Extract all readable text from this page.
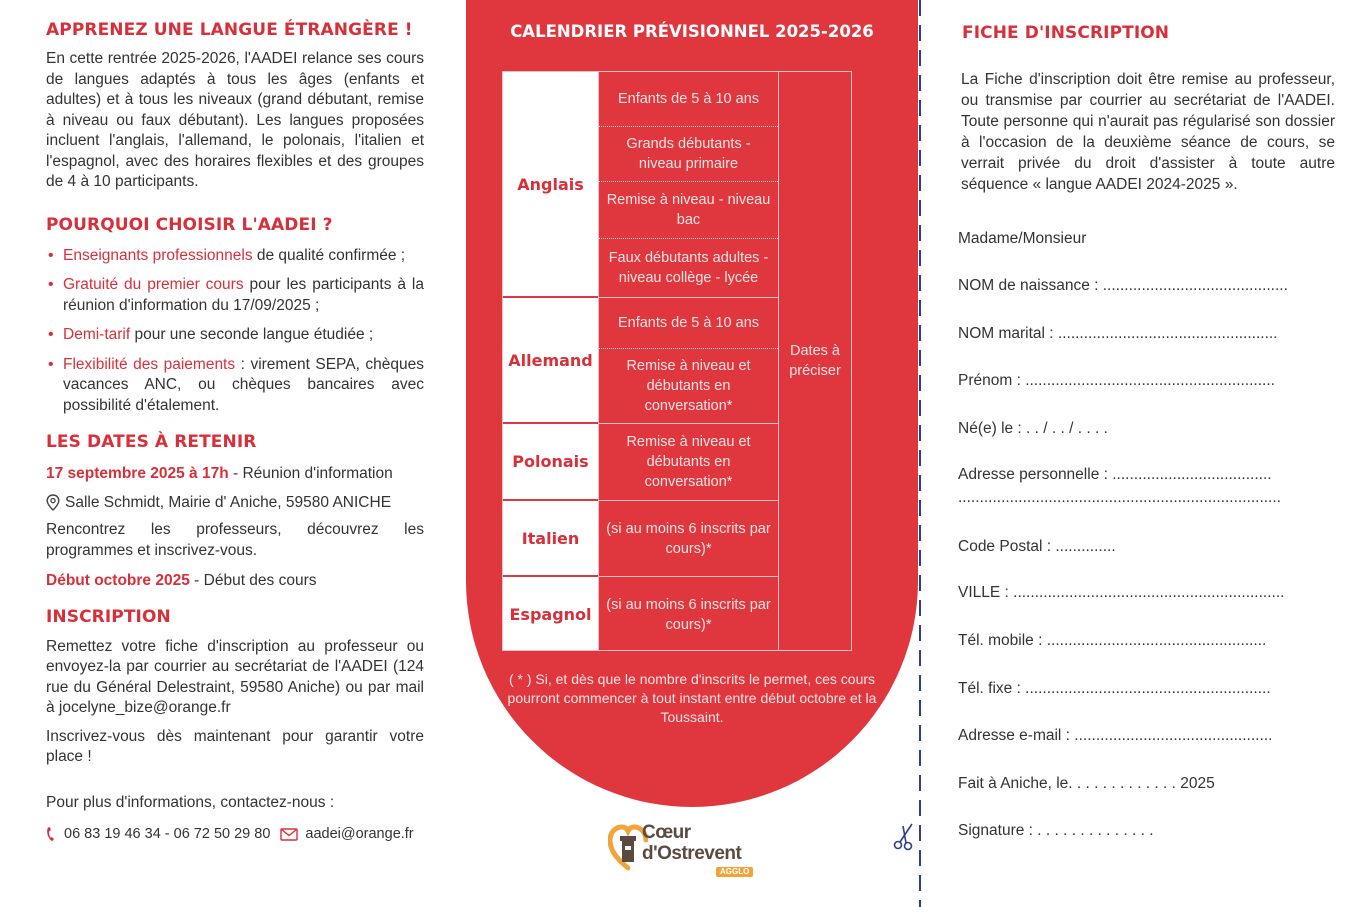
APPRENEZ UNE LANGUE ÉTRANGÈRE !
En cette rentrée 2025-2026, l'AADEI relance ses cours de langues adaptés à tous les âges (enfants et adultes) et à tous les niveaux (grand débutant, remise à niveau ou faux débutant). Les langues proposées incluent l'anglais, l'allemand, le polonais, l'italien et l'espagnol, avec des horaires flexibles et des groupes de 4 à 10 participants.
POURQUOI CHOISIR L'AADEI ?
• Enseignants professionnels de qualité confirmée ;
• Gratuité du premier cours pour les participants à la réunion d'information du 17/09/2025 ;
• Demi-tarif pour une seconde langue étudiée ;
• Flexibilité des paiements : virement SEPA, chèques vacances ANC, ou chèques bancaires avec possibilité d'étalement.
LES DATES À RETENIR
17 septembre 2025 à 17h - Réunion d'information
Salle Schmidt, Mairie d' Aniche, 59580 ANICHE
Rencontrez les professeurs, découvrez les programmes et inscrivez-vous.
Début octobre 2025 - Début des cours
INSCRIPTION
Remettez votre fiche d'inscription au professeur ou envoyez-la par courrier au secrétariat de l'AADEI (124 rue du Général Delestraint, 59580 Aniche) ou par mail à jocelyne_bize@orange.fr
Inscrivez-vous dès maintenant pour garantir votre place !
Pour plus d'informations, contactez-nous :
06 83 19 46 34 - 06 72 50 29 80 aadei@orange.fr
CALENDRIER PRÉVISIONNEL 2025-2026
Anglais
Allemand
Polonais
Italien
Espagnol
Enfants de 5 à 10 ans
Grands débutants - niveau primaire
Remise à niveau - niveau bac
Faux débutants adultes - niveau collège - lycée
Enfants de 5 à 10 ans
Remise à niveau et débutants en conversation*
Remise à niveau et débutants en conversation*
(si au moins 6 inscrits par cours)*
(si au moins 6 inscrits par cours)*
Dates à préciser
( * ) Si, et dès que le nombre d'inscrits le permet, ces cours pourront commencer à tout instant entre début octobre et la Toussaint.
Cœur
d'Ostrevent
AGGLO
FICHE D'INSCRIPTION
La Fiche d'inscription doit être remise au professeur, ou transmise par courrier au secrétariat de l'AADEI. Toute personne qui n'aurait pas régularisé son dossier à l'occasion de la deuxième séance de cours, se verrait privée du droit d'assister à toute autre séquence « langue AADEI 2024-2025 ».
Madame/Monsieur
NOM de naissance : ...........................................
NOM marital : ...................................................
Prénom : ..........................................................
Né(e) le : . . / . . / . . . .
Adresse personnelle : .....................................
...........................................................................
Code Postal : ..............
VILLE : ...............................................................
Tél. mobile : ...................................................
Tél. fixe : .........................................................
Adresse e-mail : ..............................................
Fait à Aniche, le. . . . . . . . . . . . . 2025
Signature : . . . . . . . . . . . . . .
